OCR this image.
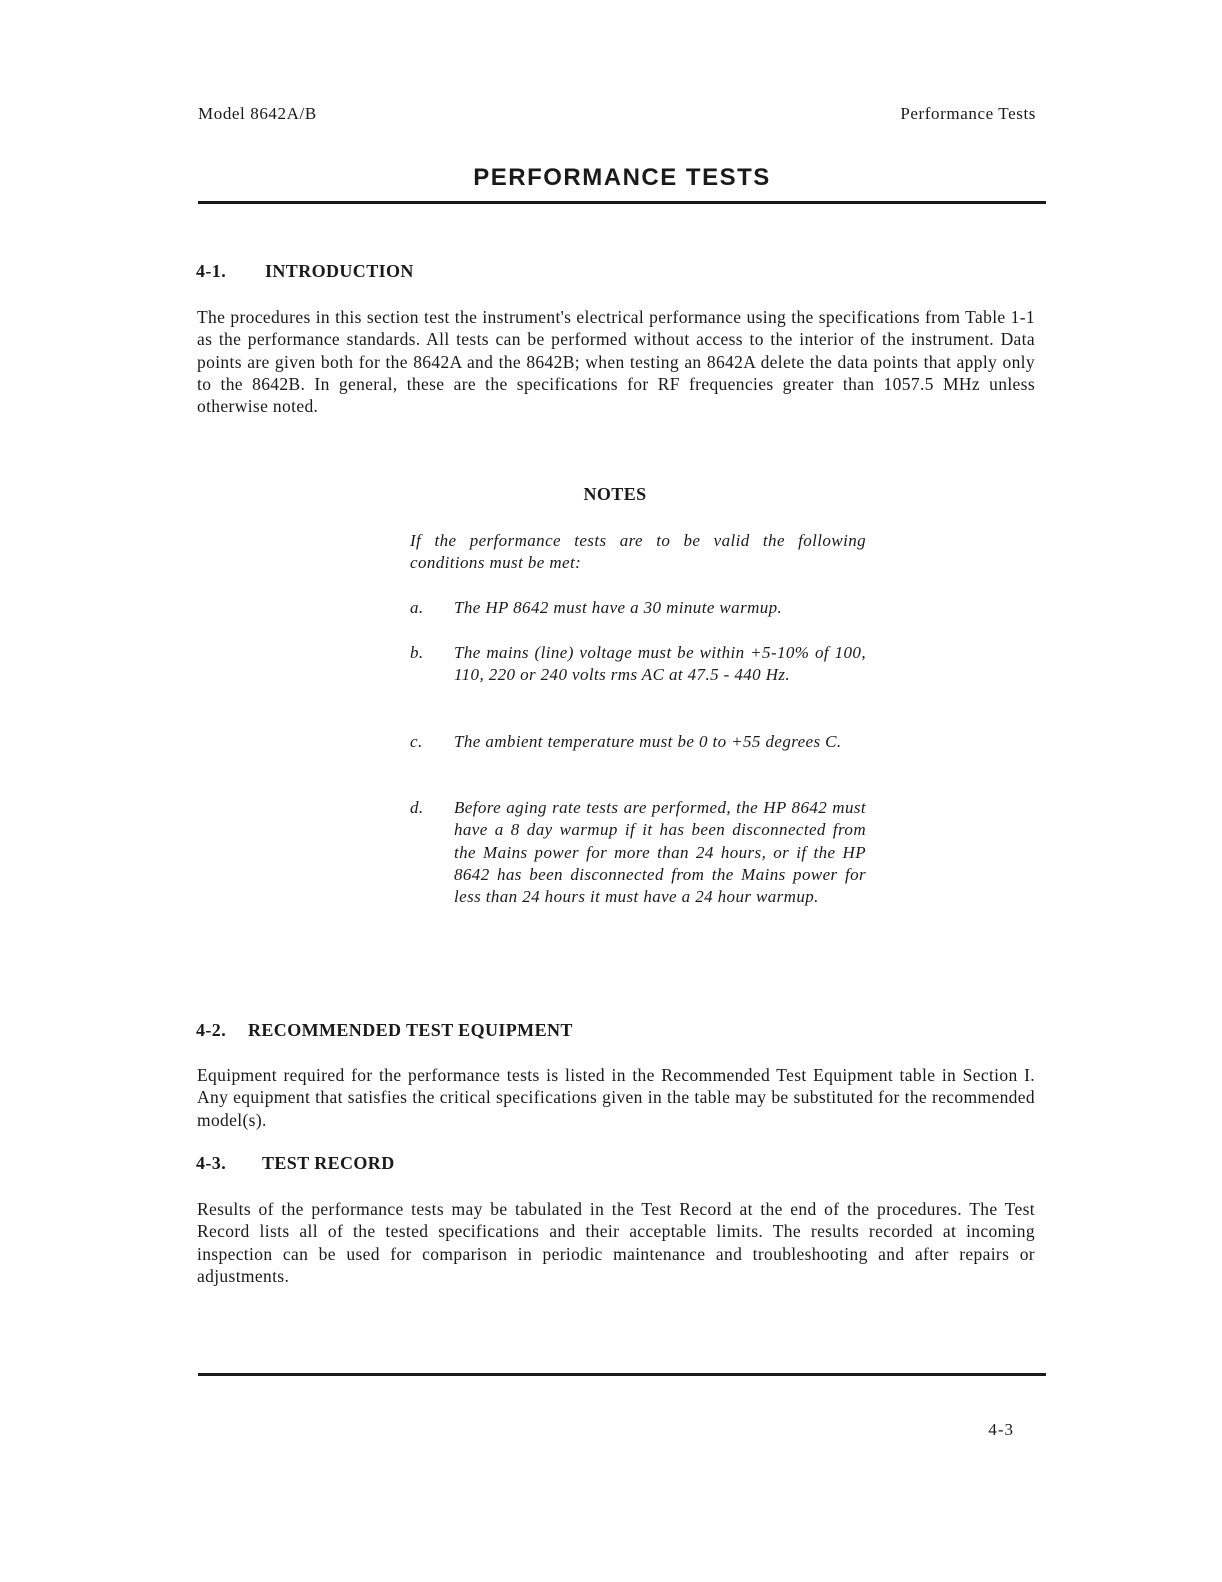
Model 8642A/B	Performance Tests
PERFORMANCE TESTS
4-1. INTRODUCTION
The procedures in this section test the instrument's electrical performance using the specifications from Table 1-1 as the performance standards. All tests can be performed without access to the interior of the instrument. Data points are given both for the 8642A and the 8642B; when testing an 8642A delete the data points that apply only to the 8642B. In general, these are the specifications for RF frequencies greater than 1057.5 MHz unless otherwise noted.
NOTES
If the performance tests are to be valid the following conditions must be met:
a. The HP 8642 must have a 30 minute warmup.
b. The mains (line) voltage must be within +5-10% of 100, 110, 220 or 240 volts rms AC at 47.5 - 440 Hz.
c. The ambient temperature must be 0 to +55 degrees C.
d. Before aging rate tests are performed, the HP 8642 must have a 8 day warmup if it has been disconnected from the Mains power for more than 24 hours, or if the HP 8642 has been disconnected from the Mains power for less than 24 hours it must have a 24 hour warmup.
4-2. RECOMMENDED TEST EQUIPMENT
Equipment required for the performance tests is listed in the Recommended Test Equipment table in Section I. Any equipment that satisfies the critical specifications given in the table may be substituted for the recommended model(s).
4-3. TEST RECORD
Results of the performance tests may be tabulated in the Test Record at the end of the procedures. The Test Record lists all of the tested specifications and their acceptable limits. The results recorded at incoming inspection can be used for comparison in periodic maintenance and troubleshooting and after repairs or adjustments.
4-3
